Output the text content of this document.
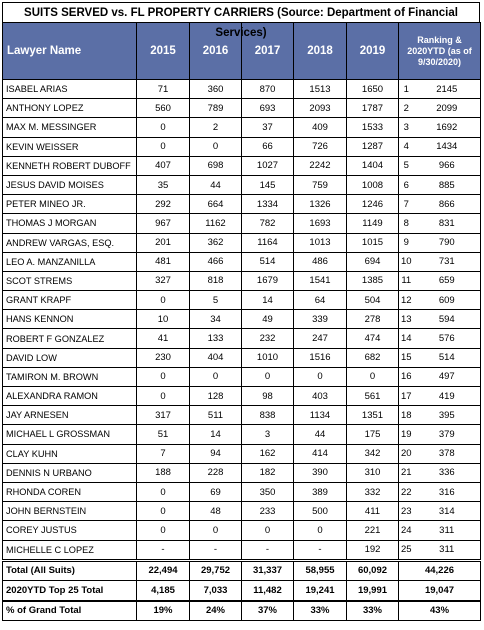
SUITS SERVED vs. FL PROPERTY CARRIERS (Source: Department of Financial Services)
Lawyer Name	2015	2016	2017	2018	2019	Ranking & 2020YTD (as of 9/30/2020)	
ISABEL ARIAS	71	360	870	1513	1650	1	2145
ANTHONY LOPEZ	560	789	693	2093	1787	2	2099
MAX M. MESSINGER	0	2	37	409	1533	3	1692
KEVIN WEISSER	0	0	66	726	1287	4	1434
KENNETH ROBERT DUBOFF	407	698	1027	2242	1404	5	966
JESUS DAVID MOISES	35	44	145	759	1008	6	885
PETER MINEO JR.	292	664	1334	1326	1246	7	866
THOMAS J MORGAN	967	1162	782	1693	1149	8	831
ANDREW VARGAS, ESQ.	201	362	1164	1013	1015	9	790
LEO A. MANZANILLA	481	466	514	486	694	10	731
SCOT STREMS	327	818	1679	1541	1385	11	659
GRANT KRAPF	0	5	14	64	504	12	609
HANS KENNON	10	34	49	339	278	13	594
ROBERT F GONZALEZ	41	133	232	247	474	14	576
DAVID LOW	230	404	1010	1516	682	15	514
TAMIRON M. BROWN	0	0	0	0	0	16	497
ALEXANDRA RAMON	0	128	98	403	561	17	419
JAY ARNESEN	317	511	838	1134	1351	18	395
MICHAEL L GROSSMAN	51	14	3	44	175	19	379
CLAY KUHN	7	94	162	414	342	20	378
DENNIS N URBANO	188	228	182	390	310	21	336
RHONDA COREN	0	69	350	389	332	22	316
JOHN BERNSTEIN	0	48	233	500	411	23	314
COREY JUSTUS	0	0	0	0	221	24	311
MICHELLE C LOPEZ	-	-	-	-	192	25	311
Total (All Suits)	22,494	29,752	31,337	58,955	60,092	44,226	
2020YTD Top 25 Total	4,185	7,033	11,482	19,241	19,991	19,047	
% of Grand Total	19%	24%	37%	33%	33%	43%	
